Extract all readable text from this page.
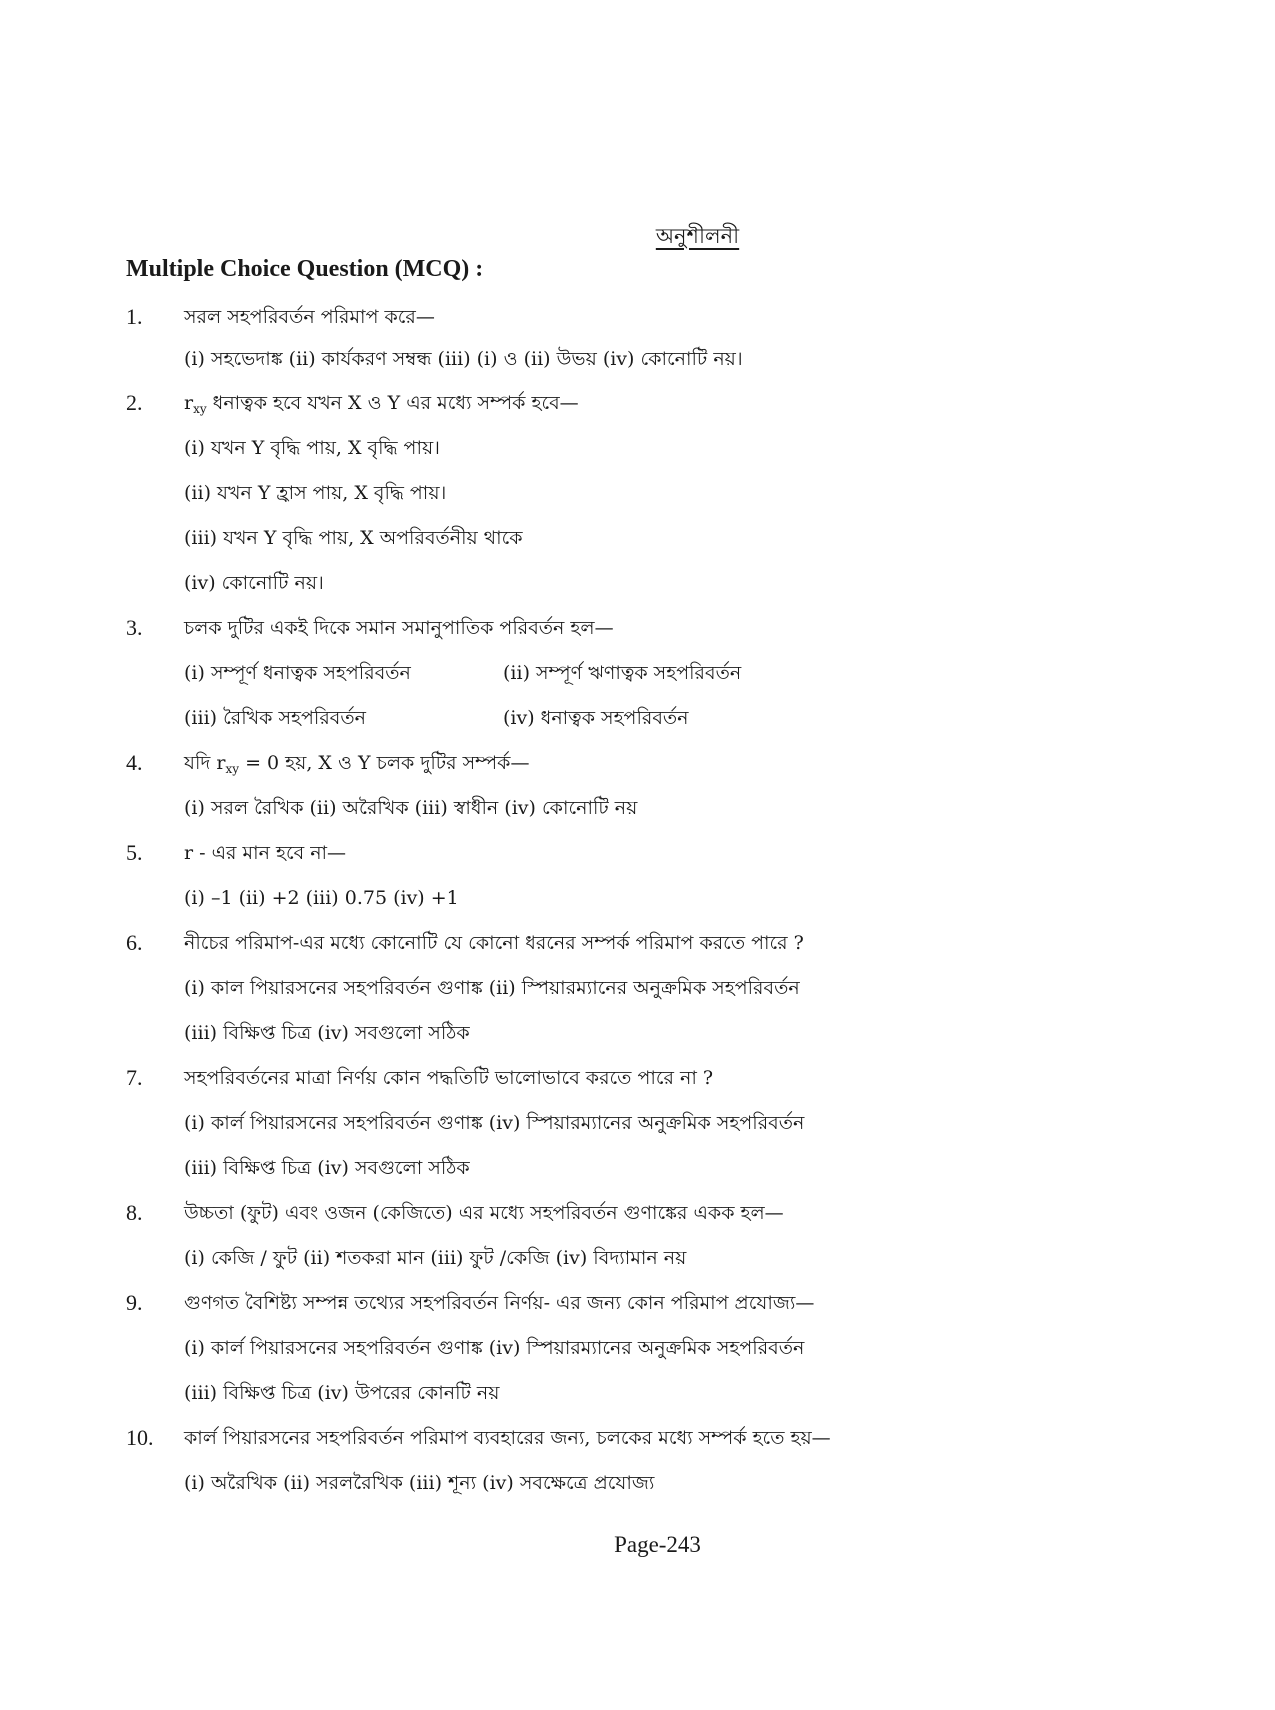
অনুশীলনী
Multiple Choice Question (MCQ) :
1. সরল সহপরিবর্তন পরিমাপ করে—
(i) সহভেদাঙ্ক (ii) কার্যকরণ সম্বন্ধ (iii) (i) ও (ii) উভয় (iv) কোনোটি নয়।
2. $r_{xy}$ ধনাত্বক হবে যখন X ও Y এর মধ্যে সম্পর্ক হবে—
(i) যখন Y বৃদ্ধি পায়, X বৃদ্ধি পায়।
(ii) যখন Y হ্রাস পায়, X বৃদ্ধি পায়।
(iii) যখন Y বৃদ্ধি পায়, X অপরিবর্তনীয় থাকে
(iv) কোনোটি নয়।
3. চলক দুটির একই দিকে সমান সমানুপাতিক পরিবর্তন হল—
(i) সম্পূর্ণ ধনাত্বক সহপরিবর্তন	(ii) সম্পূর্ণ ঋণাত্বক সহপরিবর্তন
(iii) রৈখিক সহপরিবর্তন	(iv) ধনাত্বক সহপরিবর্তন
4. যদি $r_{xy} = 0$ হয়, X ও Y চলক দুটির সম্পর্ক—
(i) সরল রৈখিক (ii) অরৈখিক (iii) স্বাধীন (iv) কোনোটি নয়
5. r - এর মান হবে না—
(i) –1 (ii) +2 (iii) 0.75 (iv) +1
6. নীচের পরিমাপ-এর মধ্যে কোনোটি যে কোনো ধরনের সম্পর্ক পরিমাপ করতে পারে ?
(i) কাল পিয়ারসনের সহপরিবর্তন গুণাঙ্ক (ii) স্পিয়ারম্যানের অনুক্রমিক সহপরিবর্তন
(iii) বিক্ষিপ্ত চিত্র (iv) সবগুলো সঠিক
7. সহপরিবর্তনের মাত্রা নির্ণয় কোন পদ্ধতিটি ভালোভাবে করতে পারে না ?
(i) কার্ল পিয়ারসনের সহপরিবর্তন গুণাঙ্ক (iv) স্পিয়ারম্যানের অনুক্রমিক সহপরিবর্তন
(iii) বিক্ষিপ্ত চিত্র (iv) সবগুলো সঠিক
8. উচ্চতা (ফুট) এবং ওজন (কেজিতে) এর মধ্যে সহপরিবর্তন গুণাঙ্কের একক হল—
(i) কেজি / ফুট (ii) শতকরা মান (iii) ফুট /কেজি (iv) বিদ্যামান নয়
9. গুণগত বৈশিষ্ট্য সম্পন্ন তথ্যের সহপরিবর্তন নির্ণয়- এর জন্য কোন পরিমাপ প্রযোজ্য—
(i) কার্ল পিয়ারসনের সহপরিবর্তন গুণাঙ্ক (iv) স্পিয়ারম্যানের অনুক্রমিক সহপরিবর্তন
(iii) বিক্ষিপ্ত চিত্র (iv) উপরের কোনটি নয়
10. কার্ল পিয়ারসনের সহপরিবর্তন পরিমাপ ব্যবহারের জন্য, চলকের মধ্যে সম্পর্ক হতে হয়—
(i) অরৈখিক (ii) সরলরৈখিক (iii) শূন্য (iv) সবক্ষেত্রে প্রযোজ্য
Page-243
